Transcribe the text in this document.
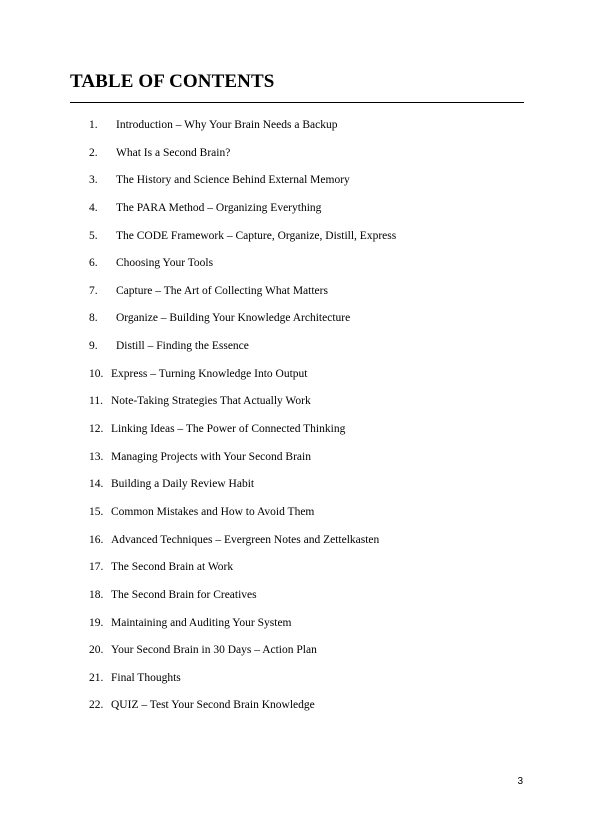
TABLE OF CONTENTS
1.	Introduction – Why Your Brain Needs a Backup
2.	What Is a Second Brain?
3.	The History and Science Behind External Memory
4.	The PARA Method – Organizing Everything
5.	The CODE Framework – Capture, Organize, Distill, Express
6.	Choosing Your Tools
7.	Capture – The Art of Collecting What Matters
8.	Organize – Building Your Knowledge Architecture
9.	Distill – Finding the Essence
10. Express – Turning Knowledge Into Output
11. Note-Taking Strategies That Actually Work
12. Linking Ideas – The Power of Connected Thinking
13. Managing Projects with Your Second Brain
14. Building a Daily Review Habit
15. Common Mistakes and How to Avoid Them
16. Advanced Techniques – Evergreen Notes and Zettelkasten
17. The Second Brain at Work
18. The Second Brain for Creatives
19. Maintaining and Auditing Your System
20. Your Second Brain in 30 Days – Action Plan
21. Final Thoughts
22. QUIZ – Test Your Second Brain Knowledge
3
